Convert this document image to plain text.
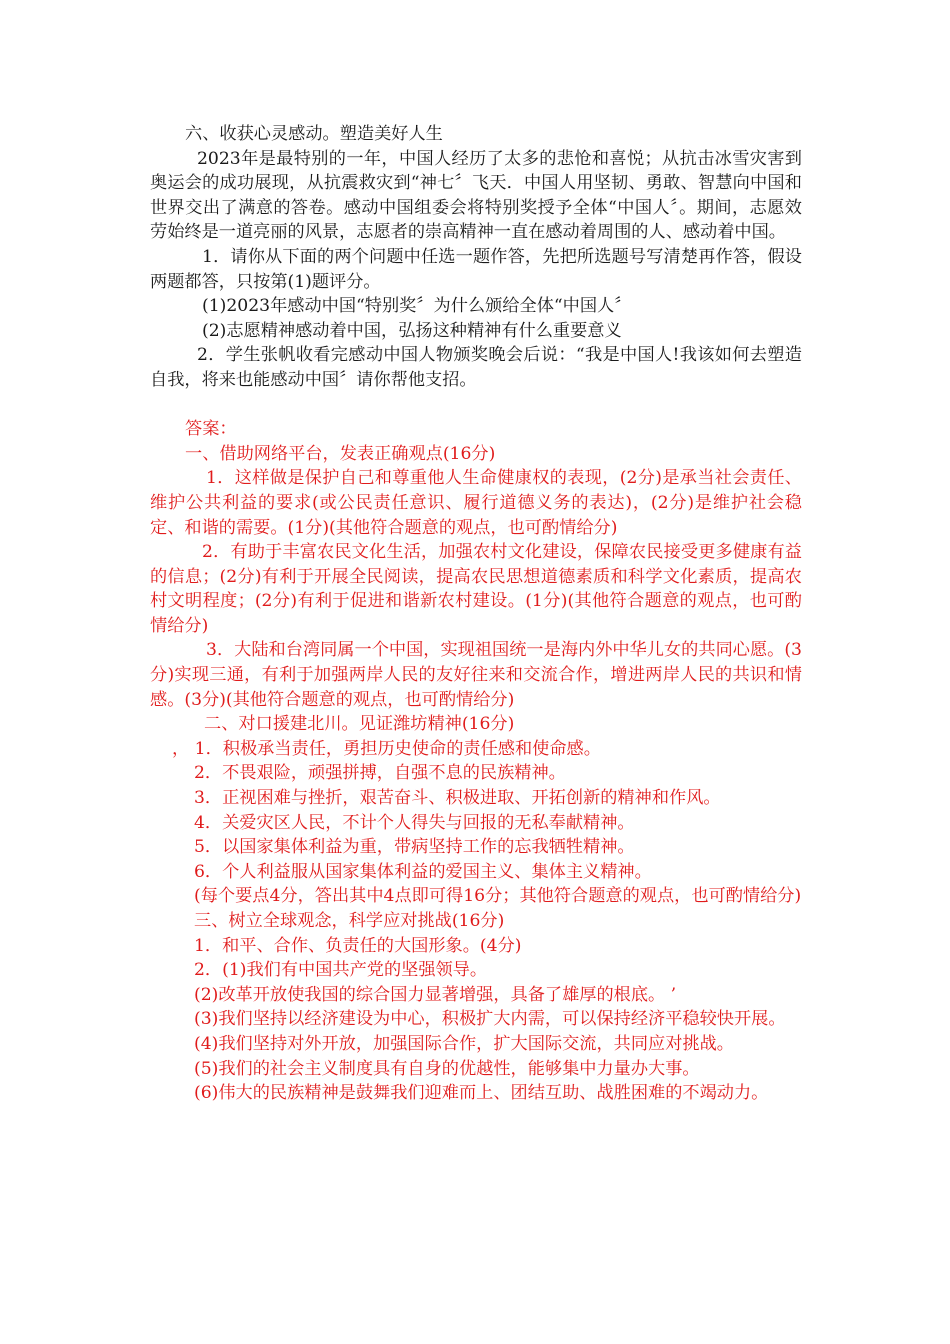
六、收获心灵感动。塑造美好人生

2023年是最特别的一年，中国人经历了太多的悲怆和喜悦；从抗击冰雪灾害到奥运会的成功展现，从抗震救灾到“神七〞飞天．中国人用坚韧、勇敢、智慧向中国和世界交出了满意的答卷。感动中国组委会将特别奖授予全体“中国人〞。期间，志愿效劳始终是一道亮丽的风景，志愿者的崇高精神一直在感动着周围的人、感动着中国。

1．请你从下面的两个问题中任选一题作答，先把所选题号写清楚再作答，假设两题都答，只按第(1)题评分。

(1)2023年感动中国“特别奖〞为什么颁给全体“中国人〞

(2)志愿精神感动着中国，弘扬这种精神有什么重要意义

2．学生张帆收看完感动中国人物颁奖晚会后说：“我是中国人!我该如何去塑造自我，将来也能感动中国〞请你帮他支招。

答案：

一、借助网络平台，发表正确观点(16分)

1．这样做是保护自己和尊重他人生命健康权的表现，(2分)是承当社会责任、维护公共利益的要求(或公民责任意识、履行道德义务的表达)，(2分)是维护社会稳定、和谐的需要。(1分)(其他符合题意的观点，也可酌情给分)

2．有助于丰富农民文化生活，加强农村文化建设，保障农民接受更多健康有益的信息；(2分)有利于开展全民阅读，提高农民思想道德素质和科学文化素质，提高农村文明程度；(2分)有利于促进和谐新农村建设。(1分)(其他符合题意的观点，也可酌情给分)

3．大陆和台湾同属一个中国，实现祖国统一是海内外中华儿女的共同心愿。(3分)实现三通，有利于加强两岸人民的友好往来和交流合作，增进两岸人民的共识和情感。(3分)(其他符合题意的观点，也可酌情给分)

二、对口援建北川。见证潍坊精神(16分)

， 1．积极承当责任，勇担历史使命的责任感和使命感。

2．不畏艰险，顽强拼搏，自强不息的民族精神。

3．正视困难与挫折，艰苦奋斗、积极进取、开拓创新的精神和作风。

4．关爱灾区人民，不计个人得失与回报的无私奉献精神。

5．以国家集体利益为重，带病坚持工作的忘我牺牲精神。

6．个人利益服从国家集体利益的爱国主义、集体主义精神。

(每个要点4分，答出其中4点即可得16分；其他符合题意的观点，也可酌情给分)

三、树立全球观念，科学应对挑战(16分)

1．和平、合作、负责任的大国形象。(4分)

2．(1)我们有中国共产党的坚强领导。

(2)改革开放使我国的综合国力显著增强，具备了雄厚的根底。 ’

(3)我们坚持以经济建设为中心，积极扩大内需，可以保持经济平稳较快开展。

(4)我们坚持对外开放，加强国际合作，扩大国际交流，共同应对挑战。

(5)我们的社会主义制度具有自身的优越性，能够集中力量办大事。

(6)伟大的民族精神是鼓舞我们迎难而上、团结互助、战胜困难的不竭动力。
